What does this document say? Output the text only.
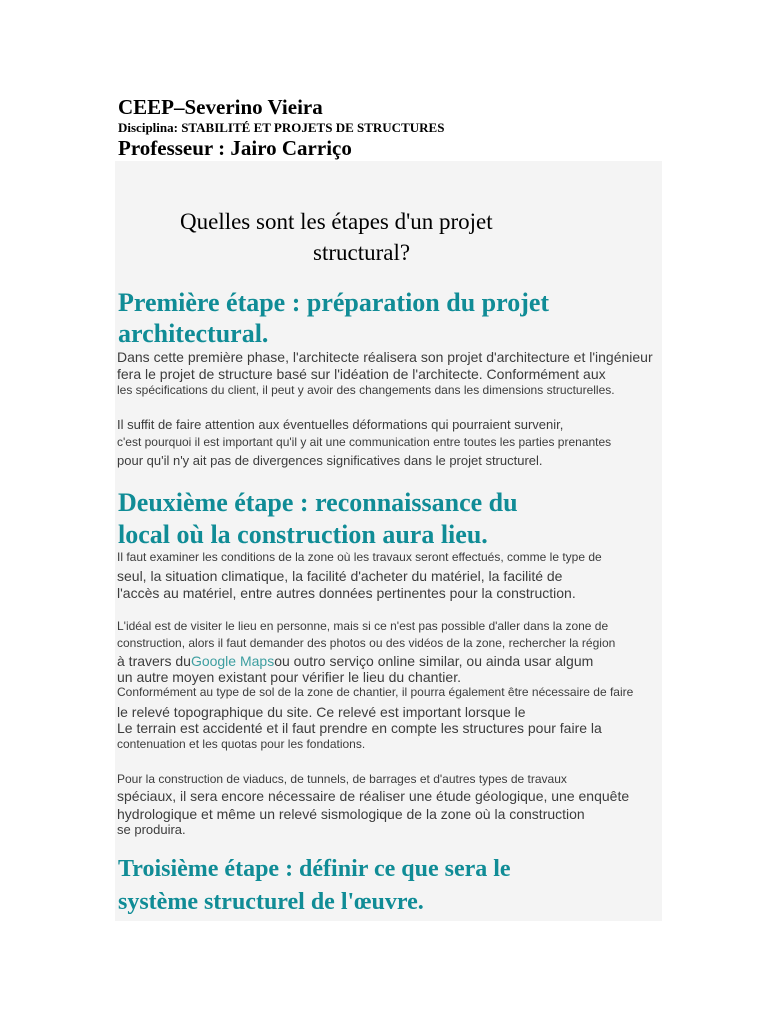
CEEP–Severino Vieira
Disciplina: STABILITÉ ET PROJETS DE STRUCTURES
Professeur : Jairo Carriço
Quelles sont les étapes d'un projet
structural?
Première étape : préparation du projet
architectural.
Dans cette première phase, l'architecte réalisera son projet d'architecture et l'ingénieur
fera le projet de structure basé sur l'idéation de l'architecte. Conformément aux
les spécifications du client, il peut y avoir des changements dans les dimensions structurelles.
Il suffit de faire attention aux éventuelles déformations qui pourraient survenir,
c'est pourquoi il est important qu'il y ait une communication entre toutes les parties prenantes
pour qu'il n'y ait pas de divergences significatives dans le projet structurel.
Deuxième étape : reconnaissance du
local où la construction aura lieu.
Il faut examiner les conditions de la zone où les travaux seront effectués, comme le type de
seul, la situation climatique, la facilité d'acheter du matériel, la facilité de
l'accès au matériel, entre autres données pertinentes pour la construction.
L'idéal est de visiter le lieu en personne, mais si ce n'est pas possible d'aller dans la zone de
construction, alors il faut demander des photos ou des vidéos de la zone, rechercher la région
à travers duGoogle Mapsou outro serviço online similar, ou ainda usar algum
un autre moyen existant pour vérifier le lieu du chantier.
Conformément au type de sol de la zone de chantier, il pourra également être nécessaire de faire
le relevé topographique du site. Ce relevé est important lorsque le
Le terrain est accidenté et il faut prendre en compte les structures pour faire la
contenuation et les quotas pour les fondations.
Pour la construction de viaducs, de tunnels, de barrages et d'autres types de travaux
spéciaux, il sera encore nécessaire de réaliser une étude géologique, une enquête
hydrologique et même un relevé sismologique de la zone où la construction
se produira.
Troisième étape : définir ce que sera le
système structurel de l'œuvre.
